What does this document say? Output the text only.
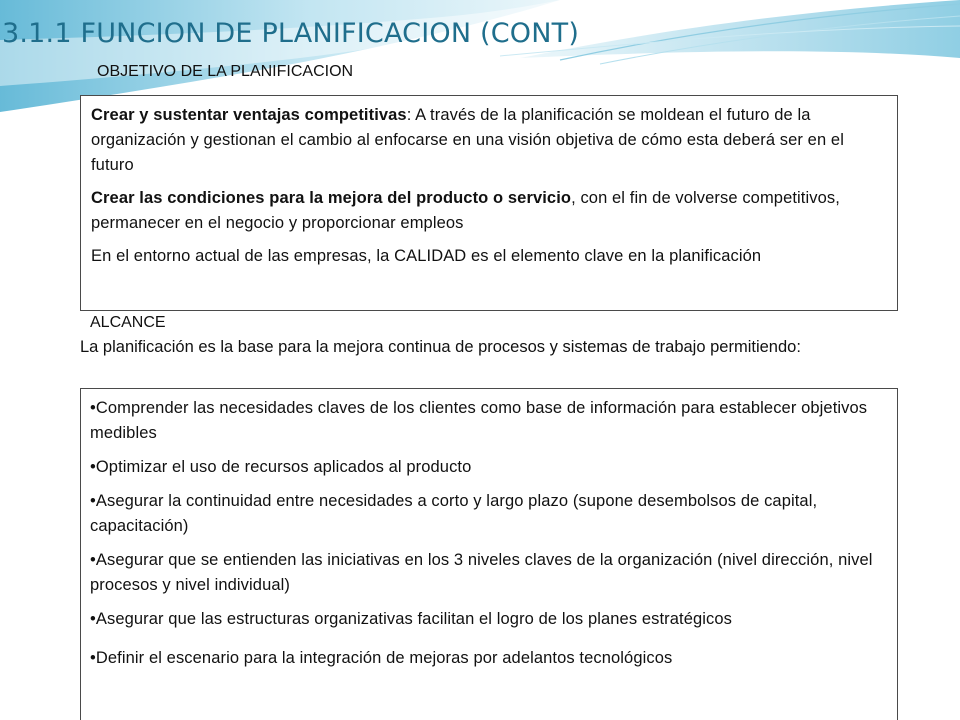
3.1.1 FUNCION DE PLANIFICACION (CONT)
OBJETIVO DE LA PLANIFICACION

Crear y sustentar ventajas competitivas: A través de la planificación se moldean el futuro de la organización y gestionan el cambio al enfocarse en una visión objetiva de cómo esta deberá ser en el futuro

Crear las condiciones para la mejora del producto o servicio, con el fin de volverse competitivos, permanecer en el negocio y proporcionar empleos

En el entorno actual de las empresas, la CALIDAD es el elemento clave en la planificación

ALCANCE

La planificación es la base para la mejora continua de procesos y sistemas de trabajo permitiendo:

•Comprender las necesidades claves de los clientes como base de información para establecer objetivos medibles

•Optimizar el uso de recursos aplicados al producto

•Asegurar la continuidad entre necesidades a corto y largo plazo (supone desembolsos de capital, capacitación)

•Asegurar que se entienden las iniciativas en los 3 niveles claves de la organización (nivel dirección, nivel procesos y nivel individual)

•Asegurar que las estructuras organizativas facilitan el logro de los planes estratégicos

•Definir el escenario para la integración de mejoras por adelantos tecnológicos
